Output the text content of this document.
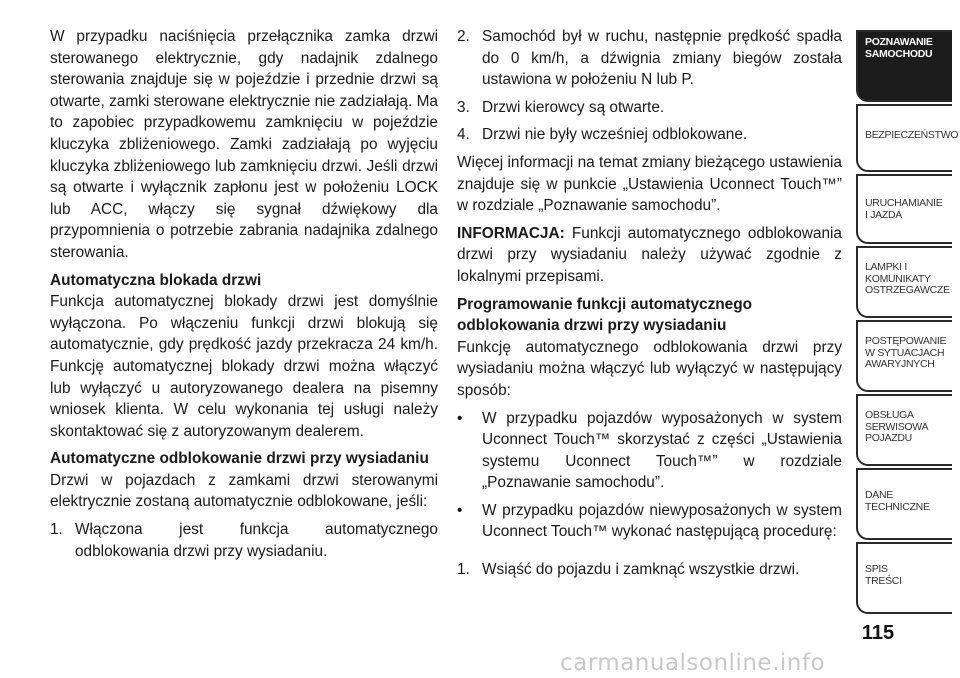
W przypadku naciśnięcia przełącznika zamka drzwi sterowanego elektrycznie, gdy nadajnik zdalnego sterowania znajduje się w pojeździe i przednie drzwi są otwarte, zamki sterowane elektrycznie nie zadziałają. Ma to zapobiec przypadkowemu zamknięciu w pojeździe kluczyka zbliżeniowego. Zamki zadziałają po wyjęciu kluczyka zbliżeniowego lub zamknięciu drzwi. Jeśli drzwi są otwarte i wyłącznik zapłonu jest w położeniu LOCK lub ACC, włączy się sygnał dźwiękowy dla przypomnienia o potrzebie zabrania nadajnika zdalnego sterowania.

Automatyczna blokada drzwi

Funkcja automatycznej blokady drzwi jest domyślnie wyłączona. Po włączeniu funkcji drzwi blokują się automatycznie, gdy prędkość jazdy przekracza 24 km/h. Funkcję automatycznej blokady drzwi można włączyć lub wyłączyć u autoryzowanego dealera na pisemny wniosek klienta. W celu wykonania tej usługi należy skontaktować się z autoryzowanym dealerem.

Automatyczne odblokowanie drzwi przy wysiadaniu

Drzwi w pojazdach z zamkami drzwi sterowanymi elektrycznie zostaną automatycznie odblokowane, jeśli:

1. Włączona jest funkcja automatycznego odblokowania drzwi przy wysiadaniu.
2. Samochód był w ruchu, następnie prędkość spadła do 0 km/h, a dźwignia zmiany biegów została ustawiona w położeniu N lub P.
3. Drzwi kierowcy są otwarte.
4. Drzwi nie były wcześniej odblokowane.

Więcej informacji na temat zmiany bieżącego ustawienia znajduje się w punkcie „Ustawienia Uconnect Touch™” w rozdziale „Poznawanie samochodu”.

INFORMACJA: Funkcji automatycznego odblokowania drzwi przy wysiadaniu należy używać zgodnie z lokalnymi przepisami.

Programowanie funkcji automatycznego odblokowania drzwi przy wysiadaniu

Funkcję automatycznego odblokowania drzwi przy wysiadaniu można włączyć lub wyłączyć w następujący sposób:

•	W przypadku pojazdów wyposażonych w system Uconnect Touch™ skorzystać z części „Ustawienia systemu Uconnect Touch™” w rozdziale „Poznawanie samochodu”.
•	W przypadku pojazdów niewyposażonych w system Uconnect Touch™ wykonać następującą procedurę:
1. Wsiąść do pojazdu i zamknąć wszystkie drzwi.
POZNAWANIE
SAMOCHODU
BEZPIECZEŃSTWO
URUCHAMIANIE
I JAZDA
LAMPKI I
KOMUNIKATY
OSTRZEGAWCZE
POSTĘPOWANIE
W SYTUACJACH
AWARYJNYCH
OBSŁUGA
SERWISOWA
POJAZDU
DANE
TECHNICZNE
SPIS
TREŚCI
115
carmanualsonline.info
